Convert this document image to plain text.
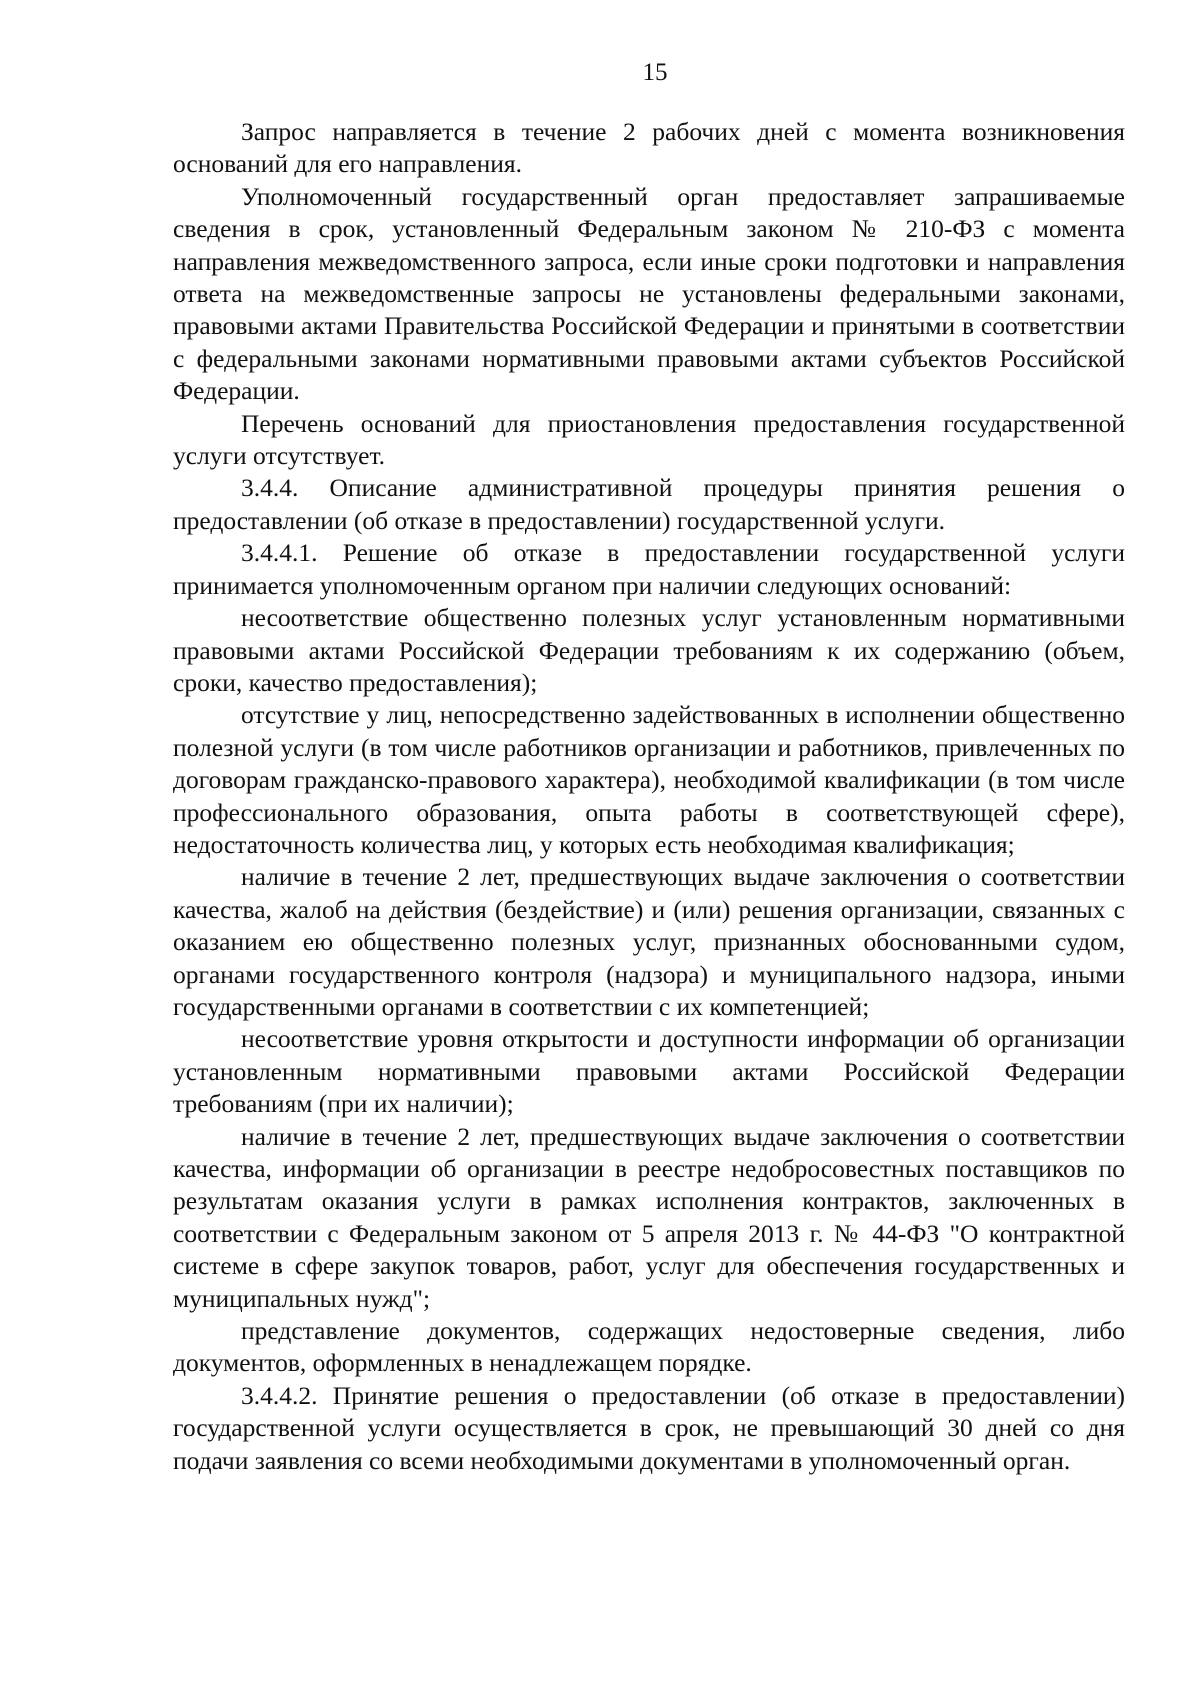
15

Запрос направляется в течение 2 рабочих дней с момента возникновения оснований для его направления.

Уполномоченный государственный орган предоставляет запрашиваемые сведения в срок, установленный Федеральным законом № 210-ФЗ с момента направления межведомственного запроса, если иные сроки подготовки и направления ответа на межведомственные запросы не установлены федеральными законами, правовыми актами Правительства Российской Федерации и принятыми в соответствии с федеральными законами нормативными правовыми актами субъектов Российской Федерации.

Перечень оснований для приостановления предоставления государственной услуги отсутствует.

3.4.4. Описание административной процедуры принятия решения о предоставлении (об отказе в предоставлении) государственной услуги.

3.4.4.1. Решение об отказе в предоставлении государственной услуги принимается уполномоченным органом при наличии следующих оснований:

несоответствие общественно полезных услуг установленным нормативными правовыми актами Российской Федерации требованиям к их содержанию (объем, сроки, качество предоставления);

отсутствие у лиц, непосредственно задействованных в исполнении общественно полезной услуги (в том числе работников организации и работников, привлеченных по договорам гражданско-правового характера), необходимой квалификации (в том числе профессионального образования, опыта работы в соответствующей сфере), недостаточность количества лиц, у которых есть необходимая квалификация;

наличие в течение 2 лет, предшествующих выдаче заключения о соответствии качества, жалоб на действия (бездействие) и (или) решения организации, связанных с оказанием ею общественно полезных услуг, признанных обоснованными судом, органами государственного контроля (надзора) и муниципального надзора, иными государственными органами в соответствии с их компетенцией;

несоответствие уровня открытости и доступности информации об организации установленным нормативными правовыми актами Российской Федерации требованиям (при их наличии);

наличие в течение 2 лет, предшествующих выдаче заключения о соответствии качества, информации об организации в реестре недобросовестных поставщиков по результатам оказания услуги в рамках исполнения контрактов, заключенных в соответствии с Федеральным законом от 5 апреля 2013 г. № 44-ФЗ "О контрактной системе в сфере закупок товаров, работ, услуг для обеспечения государственных и муниципальных нужд";

представление документов, содержащих недостоверные сведения, либо документов, оформленных в ненадлежащем порядке.

3.4.4.2. Принятие решения о предоставлении (об отказе в предоставлении) государственной услуги осуществляется в срок, не превышающий 30 дней со дня подачи заявления со всеми необходимыми документами в уполномоченный орган.
